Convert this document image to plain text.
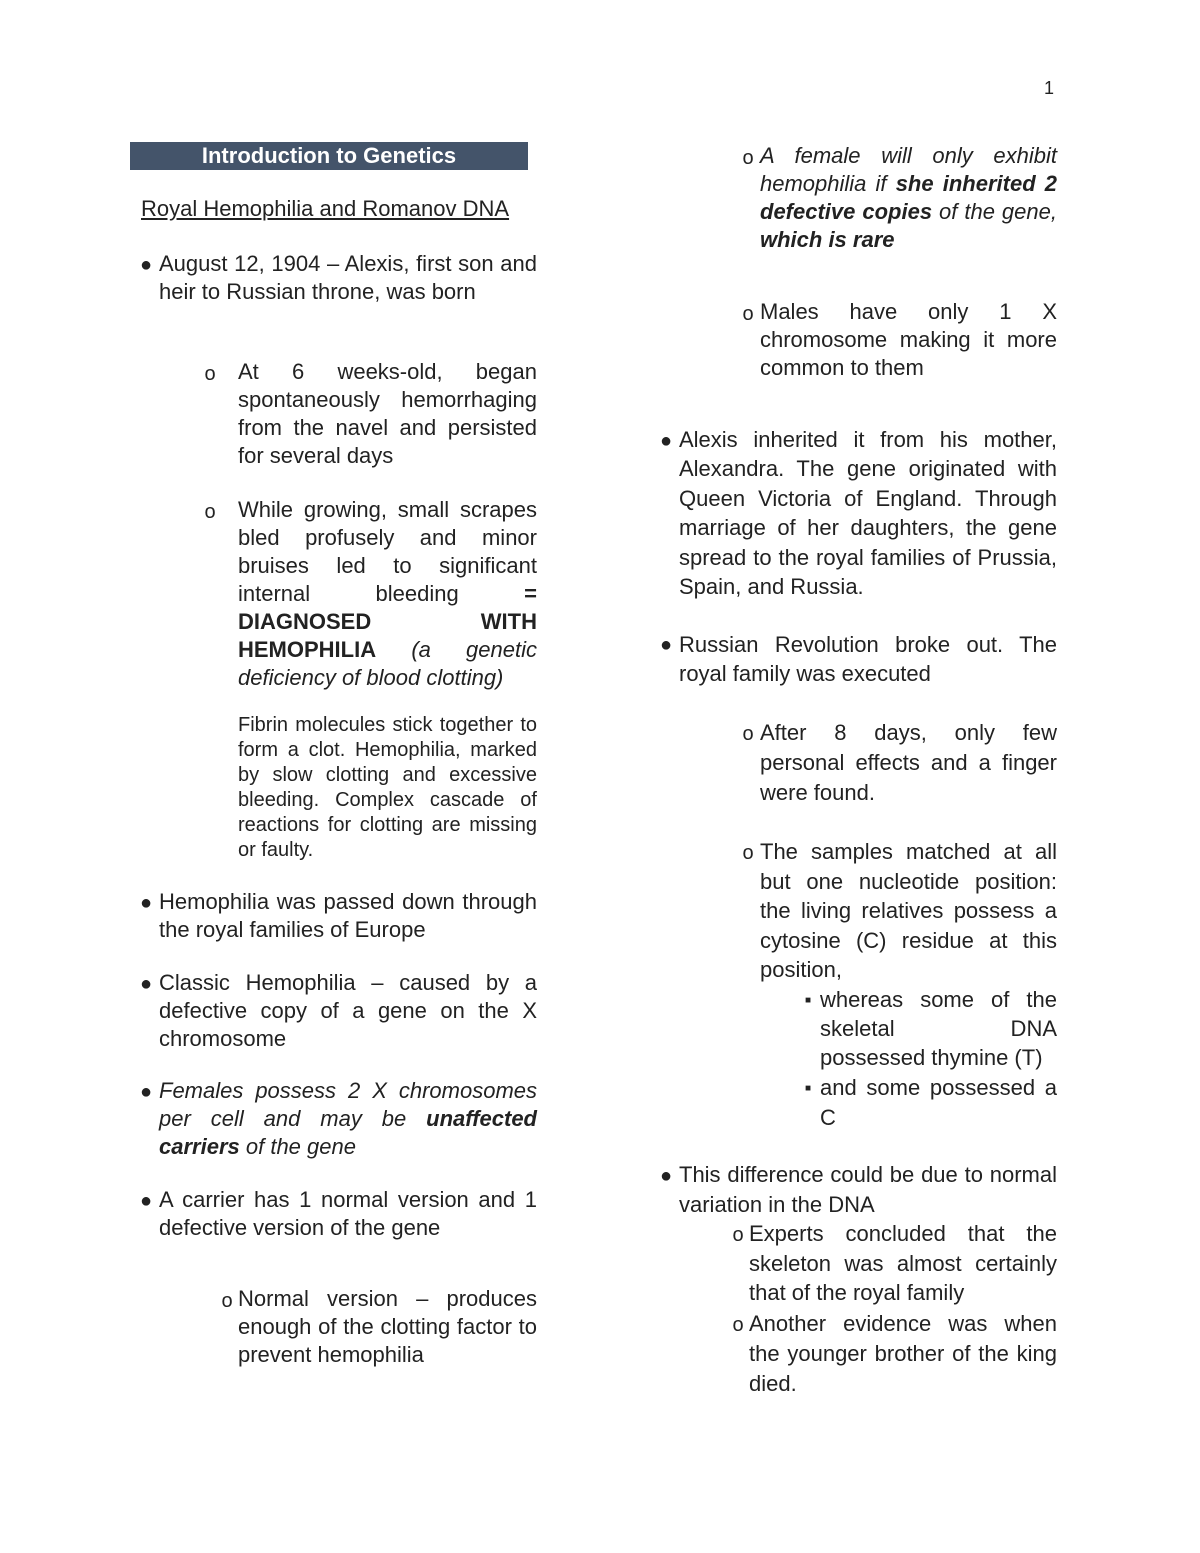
1
Introduction to Genetics
Royal Hemophilia and Romanov DNA
● August 12, 1904 – Alexis, first son and heir to Russian throne, was born
o At 6 weeks-old, began spontaneously hemorrhaging from the navel and persisted for several days
o While growing, small scrapes bled profusely and minor bruises led to significant internal bleeding	= DIAGNOSED WITH HEMOPHILIA (a genetic deficiency of blood clotting)
Fibrin molecules stick together to form a clot. Hemophilia, marked by slow clotting and excessive bleeding. Complex cascade of reactions for clotting are missing or faulty.
● Hemophilia was passed down through the royal families of Europe
● Classic Hemophilia – caused by a defective copy of a gene on the X chromosome
● Females possess 2 X chromosomes per cell and may be unaffected carriers of the gene
● A carrier has 1 normal version and 1 defective version of the gene
o Normal version – produces enough of the clotting factor to prevent hemophilia
o A female will only exhibit hemophilia if she inherited 2 defective copies of the gene, which is rare
o Males have only 1 X chromosome making it more common to them
● Alexis inherited it from his mother, Alexandra. The gene originated with Queen Victoria of England. Through marriage of her daughters, the gene spread to the royal families of Prussia, Spain, and Russia.
● Russian Revolution broke out. The royal family was executed
o After 8 days, only few personal effects and a finger were found.
o The samples matched at all but one nucleotide position: the living relatives possess a cytosine (C) residue at this position,
■ whereas some of the skeletal DNA possessed thymine (T)
■ and some possessed a C
● This difference could be due to normal variation in the DNA
o Experts concluded that the skeleton was almost certainly that of the royal family
o Another evidence was when the younger brother of the king died.
